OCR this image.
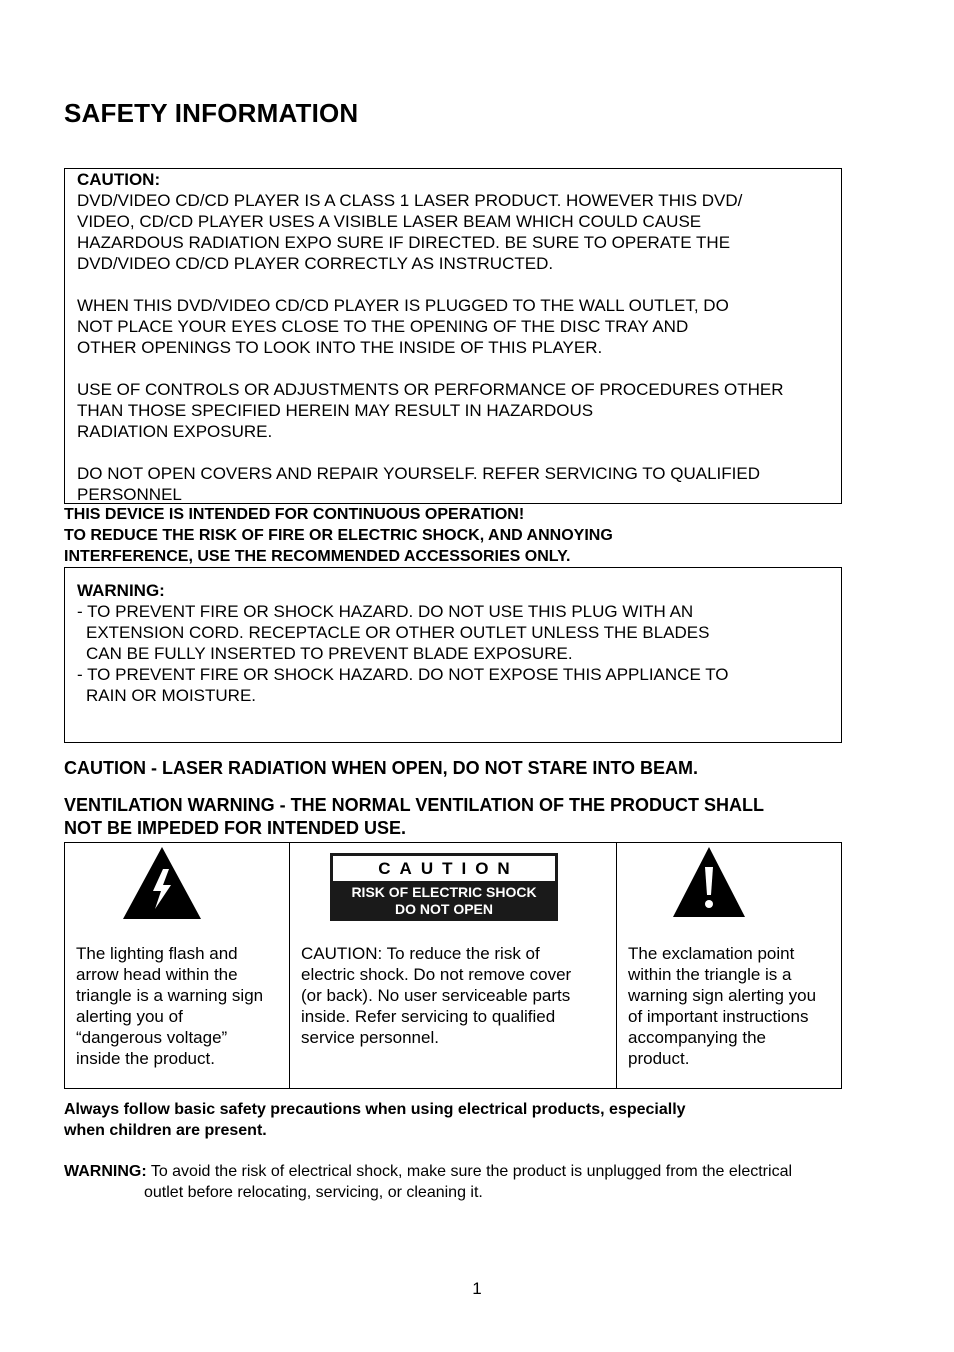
SAFETY INFORMATION
CAUTION:
DVD/VIDEO CD/CD PLAYER IS A CLASS 1 LASER PRODUCT. HOWEVER THIS DVD/
VIDEO, CD/CD PLAYER USES A VISIBLE LASER BEAM WHICH COULD CAUSE
HAZARDOUS RADIATION EXPO SURE IF DIRECTED. BE SURE TO OPERATE THE
DVD/VIDEO CD/CD PLAYER CORRECTLY AS INSTRUCTED.
WHEN THIS DVD/VIDEO CD/CD PLAYER IS PLUGGED TO THE WALL OUTLET, DO
NOT PLACE YOUR EYES CLOSE TO THE OPENING OF THE DISC TRAY AND
OTHER OPENINGS TO LOOK INTO THE INSIDE OF THIS PLAYER.
USE OF CONTROLS OR ADJUSTMENTS OR PERFORMANCE OF PROCEDURES OTHER
THAN THOSE SPECIFIED HEREIN MAY RESULT IN HAZARDOUS
RADIATION EXPOSURE.
DO NOT OPEN COVERS AND REPAIR YOURSELF. REFER SERVICING TO QUALIFIED
PERSONNEL
THIS DEVICE IS INTENDED FOR CONTINUOUS OPERATION!
TO REDUCE THE RISK OF FIRE OR ELECTRIC SHOCK, AND ANNOYING
INTERFERENCE, USE THE RECOMMENDED ACCESSORIES ONLY.
WARNING:
- TO PREVENT FIRE OR SHOCK HAZARD. DO NOT USE THIS PLUG WITH AN
EXTENSION CORD. RECEPTACLE OR OTHER OUTLET UNLESS THE BLADES
CAN BE FULLY INSERTED TO PREVENT BLADE EXPOSURE.
- TO PREVENT FIRE OR SHOCK HAZARD. DO NOT EXPOSE THIS APPLIANCE TO
RAIN OR MOISTURE.
CAUTION - LASER RADIATION WHEN OPEN, DO NOT STARE INTO BEAM.
VENTILATION WARNING - THE NORMAL VENTILATION OF THE PRODUCT SHALL
NOT BE IMPEDED FOR INTENDED USE.
The lighting flash and
arrow head within the
triangle is a warning sign
alerting you of
“dangerous voltage”
inside the product.
CAUTION
RISK OF ELECTRIC SHOCK
DO NOT OPEN
CAUTION: To reduce the risk of
electric shock. Do not remove cover
(or back). No user serviceable parts
inside. Refer servicing to qualified
service personnel.
The exclamation point
within the triangle is a
warning sign alerting you
of important instructions
accompanying the
product.
Always follow basic safety precautions when using electrical products, especially
when children are present.
WARNING: To avoid the risk of electrical shock, make sure the product is unplugged from the electrical
outlet before relocating, servicing, or cleaning it.
1
